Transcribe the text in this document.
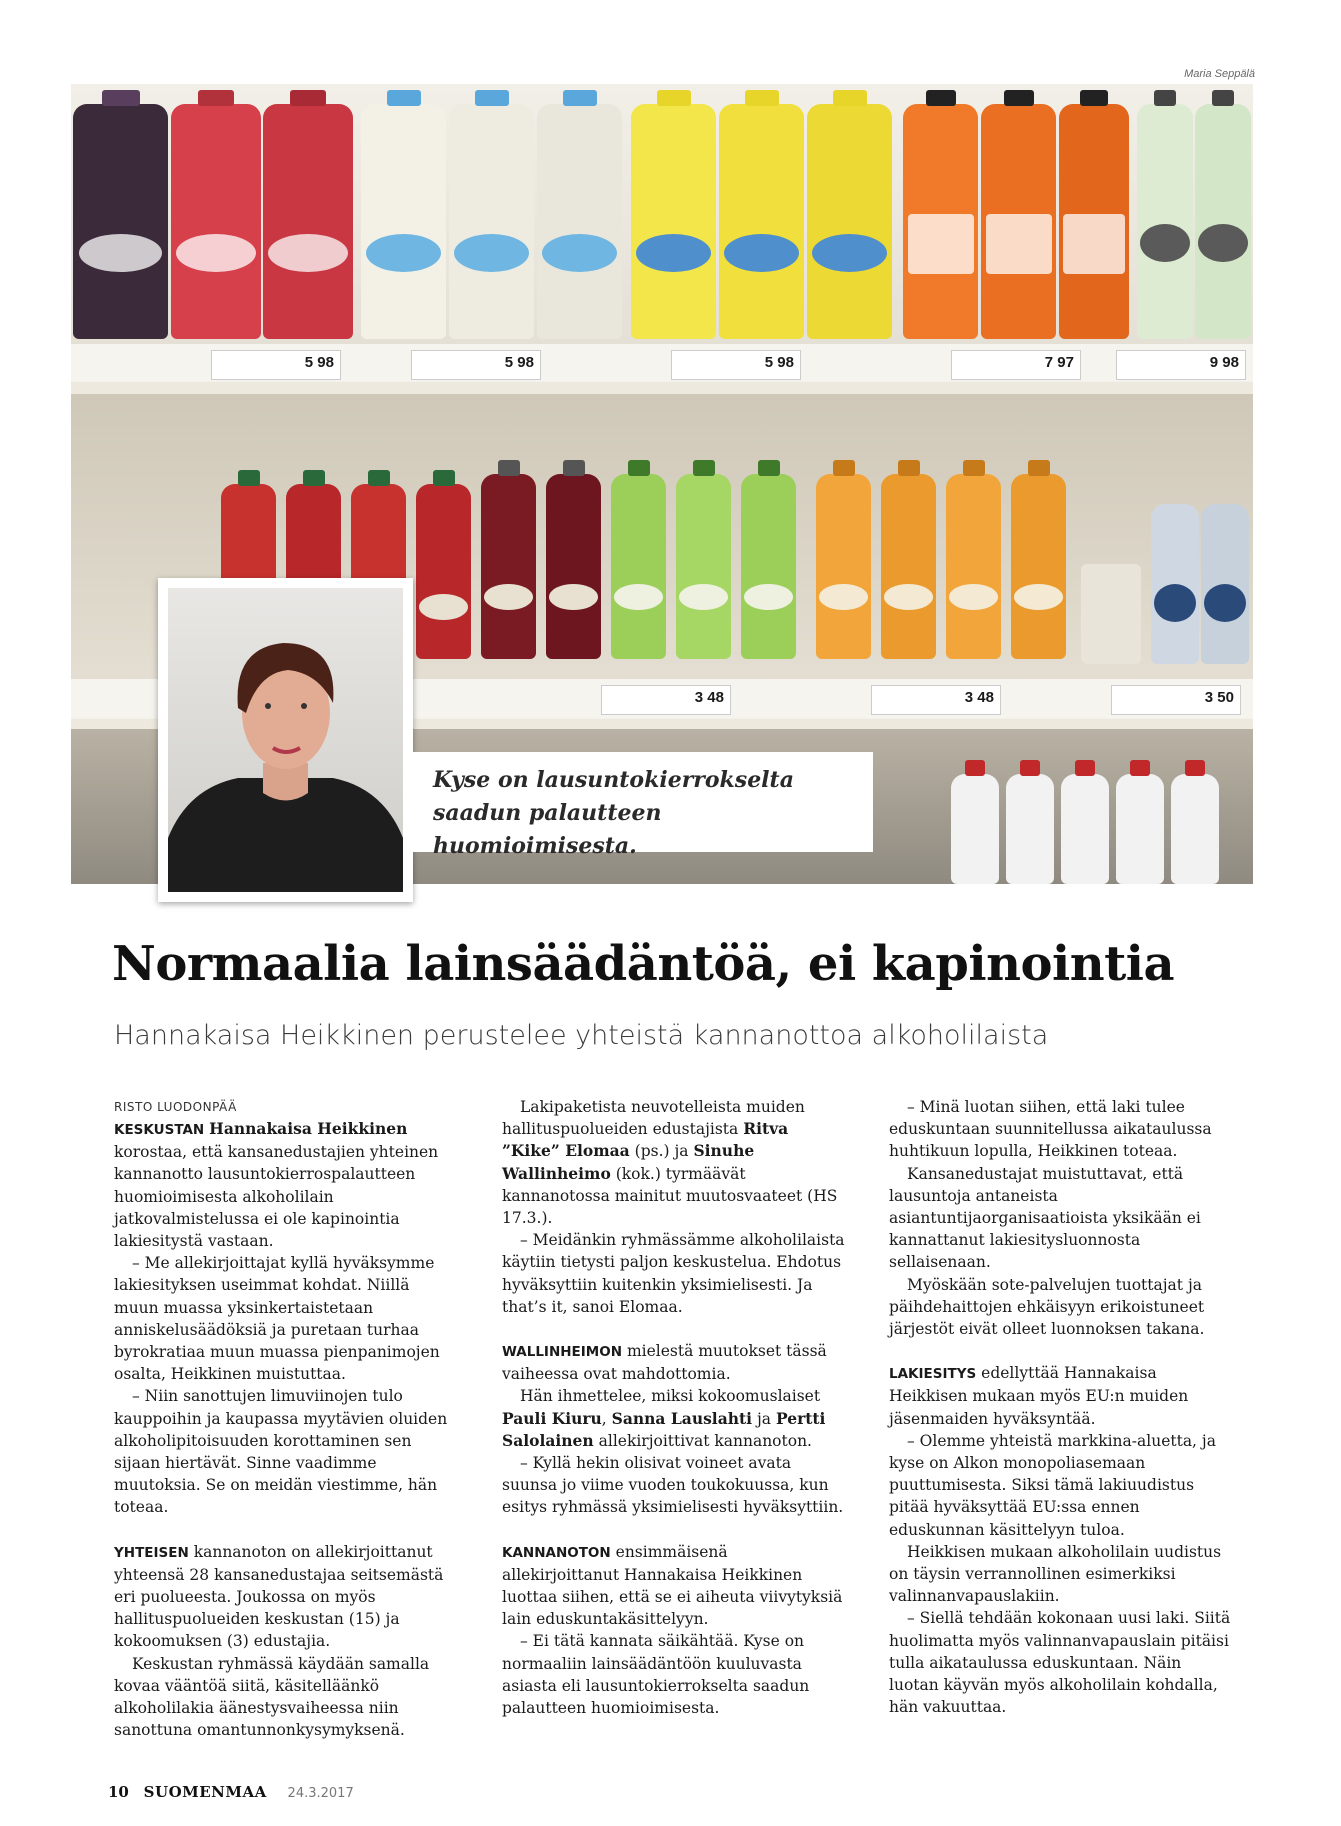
Maria Seppälä
5 98	5 98	5 98	7 97	9 98
3 48	3 48	3 50
Kyse on lausuntokierrokselta saadun palautteen huomioimisesta.
Normaalia lainsäädäntöä, ei kapinointia
Hannakaisa Heikkinen perustelee yhteistä kannanottoa alkoholilaista
RISTO LUODONPÄÄ

KESKUSTAN Hannakaisa Heikkinen korostaa, että kansanedustajien yhteinen kannanotto lausuntokierrospalautteen huomioimisesta alkoholilain jatkovalmistelussa ei ole kapinointia lakiesitystä vastaan.

– Me allekirjoittajat kyllä hyväksymme lakiesityksen useimmat kohdat. Niillä muun muassa yksinkertaistetaan anniskelusäädöksiä ja puretaan turhaa byrokratiaa muun muassa pienpanimojen osalta, Heikkinen muistuttaa.

– Niin sanottujen limuviinojen tulo kauppoihin ja kaupassa myytävien oluiden alkoholipitoisuuden korottaminen sen sijaan hiertävät. Sinne vaadimme muutoksia. Se on meidän viestimme, hän toteaa.

YHTEISEN kannanoton on allekirjoittanut yhteensä 28 kansanedustajaa seitsemästä eri puolueesta. Joukossa on myös hallituspuolueiden keskustan (15) ja kokoomuksen (3) edustajia.

Keskustan ryhmässä käydään samalla kovaa vääntöä siitä, käsitelläänkö alkoholilakia äänestysvaiheessa niin sanottuna omantunnonkysymyksenä.

Lakipaketista neuvotelleista muiden hallituspuolueiden edustajista Ritva ”Kike” Elomaa (ps.) ja Sinuhe Wallinheimo (kok.) tyrmäävät kannanotossa mainitut muutosvaateet (HS 17.3.).

– Meidänkin ryhmässämme alkoholilaista käytiin tietysti paljon keskustelua. Ehdotus hyväksyttiin kuitenkin yksimielisesti. Ja that’s it, sanoi Elomaa.

WALLINHEIMON mielestä muutokset tässä vaiheessa ovat mahdottomia.

Hän ihmettelee, miksi kokoomuslaiset Pauli Kiuru, Sanna Lauslahti ja Pertti Salolainen allekirjoittivat kannanoton.

– Kyllä hekin olisivat voineet avata suunsa jo viime vuoden toukokuussa, kun esitys ryhmässä yksimielisesti hyväksyttiin.

KANNANOTON ensimmäisenä allekirjoittanut Hannakaisa Heikkinen luottaa siihen, että se ei aiheuta viivytyksiä lain eduskuntakäsittelyyn.

– Ei tätä kannata säikähtää. Kyse on normaaliin lainsäädäntöön kuuluvasta asiasta eli lausuntokierrokselta saadun palautteen huomioimisesta.

– Minä luotan siihen, että laki tulee eduskuntaan suunnitellussa aikataulussa huhtikuun lopulla, Heikkinen toteaa.

Kansanedustajat muistuttavat, että lausuntoja antaneista asiantuntijaorganisaatioista yksikään ei kannattanut lakiesitysluonnosta sellaisenaan.

Myöskään sote-palvelujen tuottajat ja päihdehaittojen ehkäisyyn erikoistuneet järjestöt eivät olleet luonnoksen takana.

LAKIESITYS edellyttää Hannakaisa Heikkisen mukaan myös EU:n muiden jäsenmaiden hyväksyntää.

– Olemme yhteistä markkina-aluetta, ja kyse on Alkon monopoliasemaan puuttumisesta. Siksi tämä lakiuudistus pitää hyväksyttää EU:ssa ennen eduskunnan käsittelyyn tuloa.

Heikkisen mukaan alkoholilain uudistus on täysin verrannollinen esimerkiksi valinnanvapauslakiin.

– Siellä tehdään kokonaan uusi laki. Siitä huolimatta myös valinnanvapauslain pitäisi tulla aikataulussa eduskuntaan. Näin luotan käyvän myös alkoholilain kohdalla, hän vakuuttaa.

10 SUOMENMAA 24.3.2017
